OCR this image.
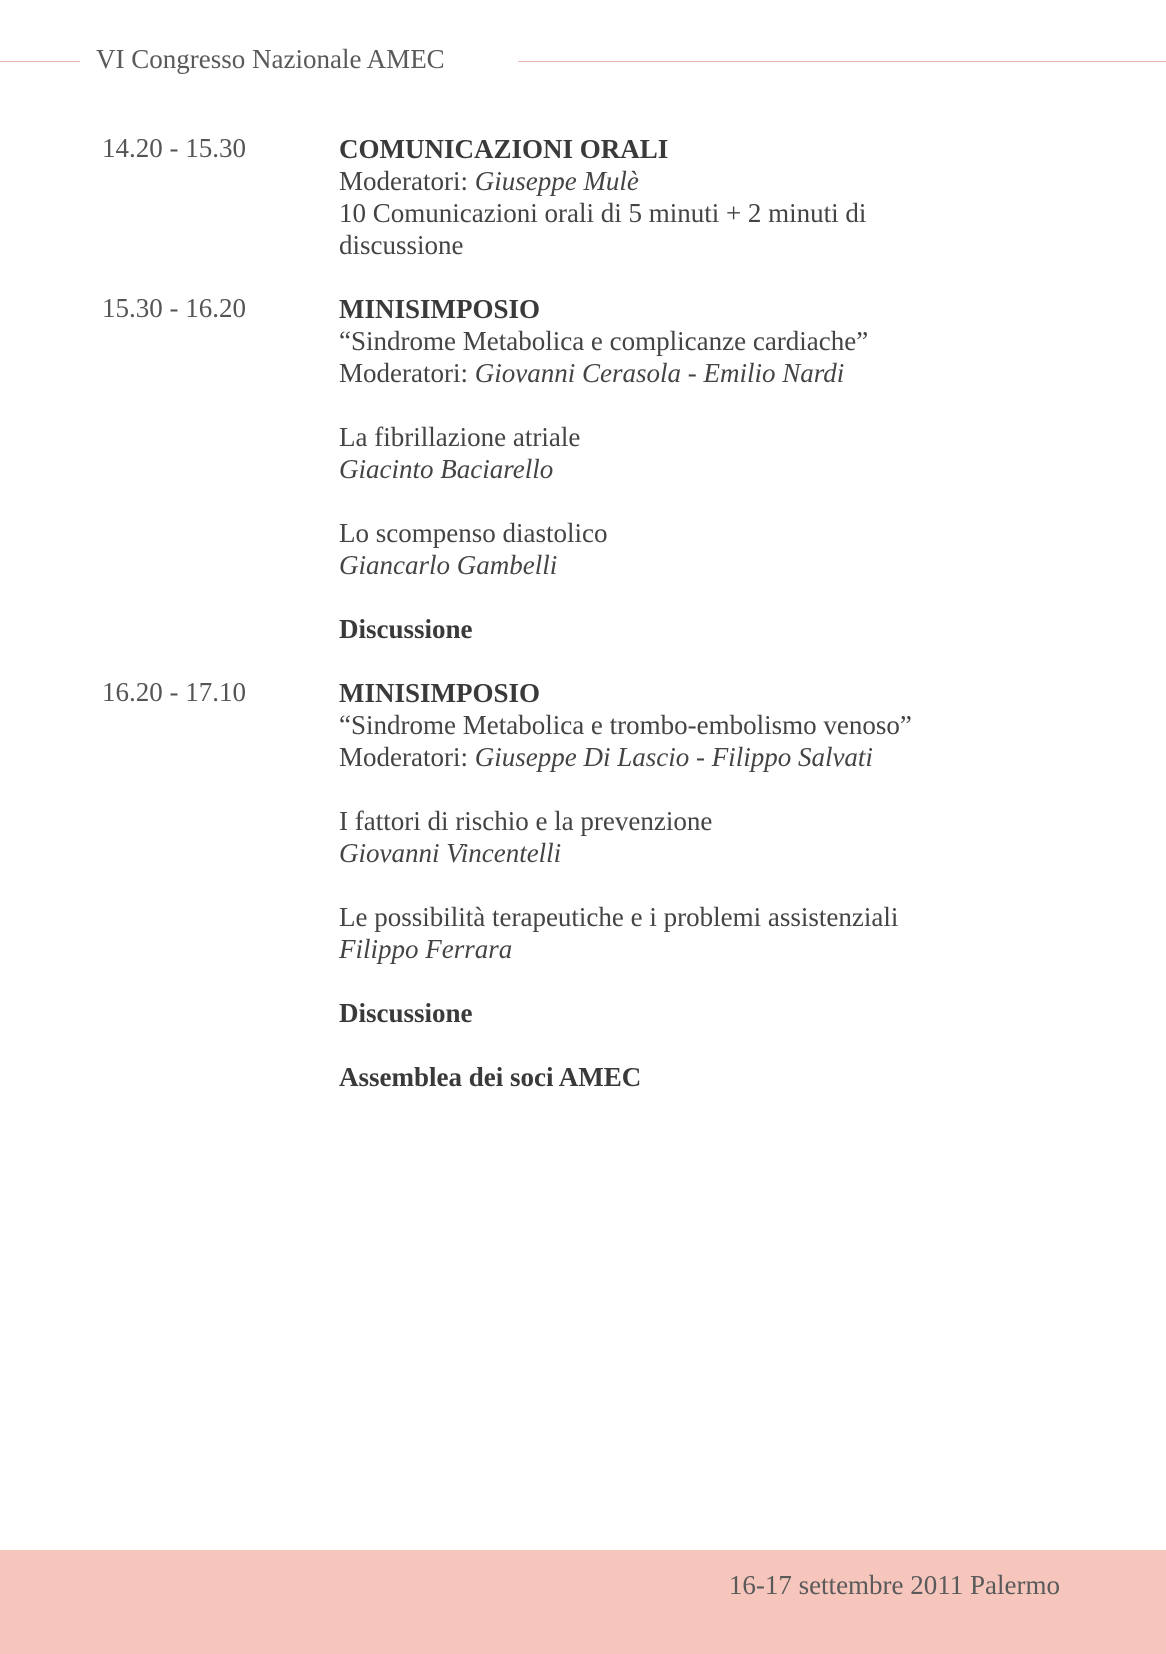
VI Congresso Nazionale AMEC
14.20 - 15.30	COMUNICAZIONI ORALI
Moderatori: Giuseppe Mulè
10 Comunicazioni orali di 5 minuti + 2 minuti di
discussione
15.30 - 16.20	MINISIMPOSIO
“Sindrome Metabolica e complicanze cardiache”
Moderatori: Giovanni Cerasola - Emilio Nardi
La fibrillazione atriale
Giacinto Baciarello
Lo scompenso diastolico
Giancarlo Gambelli
Discussione
16.20 - 17.10	MINISIMPOSIO
“Sindrome Metabolica e trombo-embolismo venoso”
Moderatori: Giuseppe Di Lascio - Filippo Salvati
I fattori di rischio e la prevenzione
Giovanni Vincentelli
Le possibilità terapeutiche e i problemi assistenziali
Filippo Ferrara
Discussione
Assemblea dei soci AMEC
16-17 settembre 2011 Palermo
